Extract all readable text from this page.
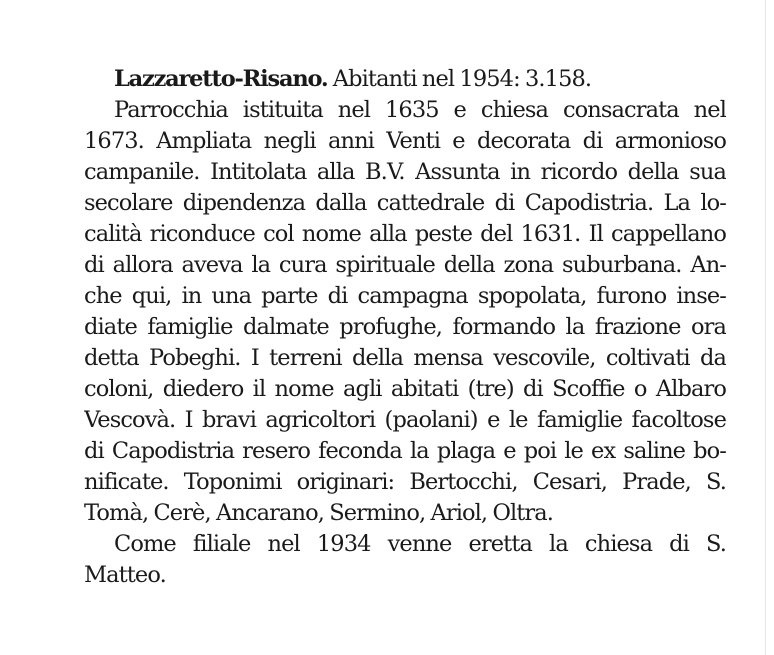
Lazzaretto-Risano. Abitanti nel 1954: 3.158.

Parrocchia istituita nel 1635 e chiesa consacrata nel
1673. Ampliata negli anni Venti e decorata di armonioso
campanile. Intitolata alla B.V. Assunta in ricordo della sua
secolare dipendenza dalla cattedrale di Capodistria. La lo-
calità riconduce col nome alla peste del 1631. Il cappellano
di allora aveva la cura spirituale della zona suburbana. An-
che qui, in una parte di campagna spopolata, furono inse-
diate famiglie dalmate profughe, formando la frazione ora
detta Pobeghi. I terreni della mensa vescovile, coltivati da
coloni, diedero il nome agli abitati (tre) di Scoffie o Albaro
Vescovà. I bravi agricoltori (paolani) e le famiglie facoltose
di Capodistria resero feconda la plaga e poi le ex saline bo-
nificate. Toponimi originari: Bertocchi, Cesari, Prade, S.
Tomà, Cerè, Ancarano, Sermino, Ariol, Oltra.

Come filiale nel 1934 venne eretta la chiesa di S.
Matteo.
